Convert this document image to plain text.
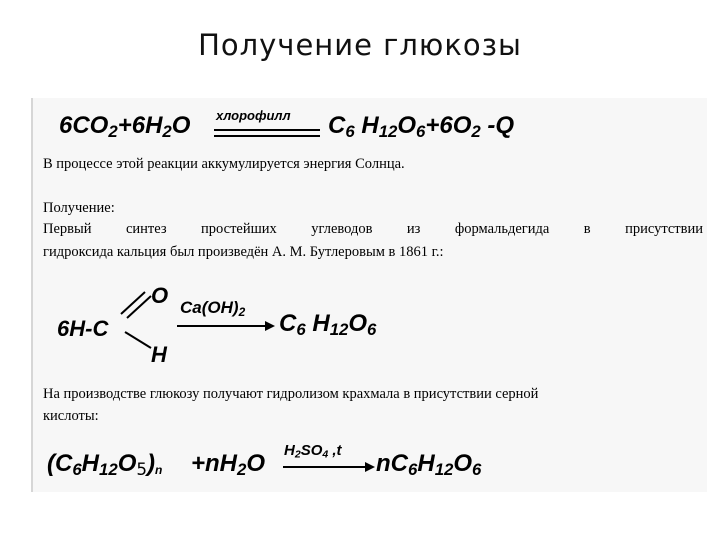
Получение глюкозы
$6CO_2+6H_2O$ хлорофилл $C_6$ $H_{12}O_6+6O_2$ -Q
В процессе этой реакции аккумулируется энергия Солнца.
Получение:
Первый синтез простейших углеводов из формальдегида в присутствии
гидроксида кальция был произведён А. М. Бутлеровым в 1861 г.:
6H-C
O
H
$Ca(OH)_2$ $C_6$ $H_{12}O_6$
На производстве глюкозу получают гидролизом крахмала в присутствии серной
кислоты:
$(C_6H_{12}O_5)_n +nH_2O$ $H_2SO_4$ ,t $nC_6H_{12}O_6$
